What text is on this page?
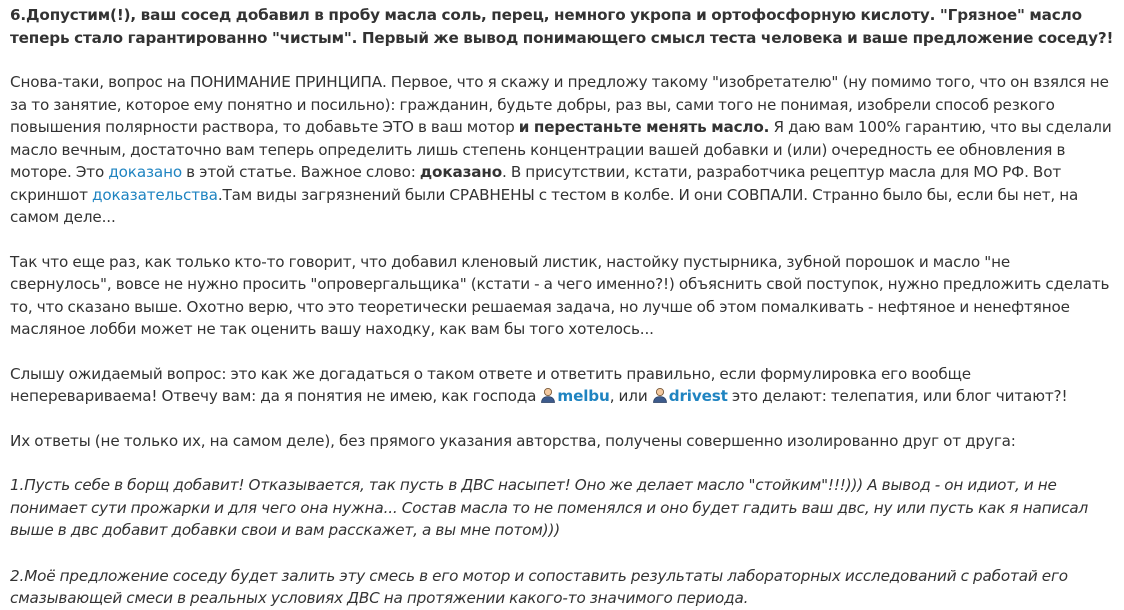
6.Допустим(!), ваш сосед добавил в пробу масла соль, перец, немного укропа и ортофосфорную кислоту. "Грязное" масло теперь стало гарантированно "чистым". Первый же вывод понимающего смысл теста человека и ваше предложение соседу?!

Снова-таки, вопрос на ПОНИМАНИЕ ПРИНЦИПА. Первое, что я скажу и предложу такому "изобретателю" (ну помимо того, что он взялся не за то занятие, которое ему понятно и посильно): гражданин, будьте добры, раз вы, сами того не понимая, изобрели способ резкого повышения полярности раствора, то добавьте ЭТО в ваш мотор и перестаньте менять масло. Я даю вам 100% гарантию, что вы сделали масло вечным, достаточно вам теперь определить лишь степень концентрации вашей добавки и (или) очередность ее обновления в моторе. Это доказано в этой статье. Важное слово: доказано. В присутствии, кстати, разработчика рецептур масла для МО РФ. Вот скриншот доказательства.Там виды загрязнений были СРАВНЕНЫ с тестом в колбе. И они СОВПАЛИ. Странно было бы, если бы нет, на самом деле...

Так что еще раз, как только кто-то говорит, что добавил кленовый листик, настойку пустырника, зубной порошок и масло "не свернулось", вовсе не нужно просить "опровергальщика" (кстати - а чего именно?!) объяснить свой поступок, нужно предложить сделать то, что сказано выше. Охотно верю, что это теоретически решаемая задача, но лучше об этом помалкивать - нефтяное и ненефтяное масляное лобби может не так оценить вашу находку, как вам бы того хотелось...

Слышу ожидаемый вопрос: это как же догадаться о таком ответе и ответить правильно, если формулировка его вообще неперевариваема! Отвечу вам: да я понятия не имею, как господа melbu, или drivest это делают: телепатия, или блог читают?!

Их ответы (не только их, на самом деле), без прямого указания авторства, получены совершенно изолированно друг от друга:

1.Пусть себе в борщ добавит! Отказывается, так пусть в ДВС насыпет! Оно же делает масло "стойким"!!!))) А вывод - он идиот, и не понимает сути прожарки и для чего она нужна... Состав масла то не поменялся и оно будет гадить ваш двс, ну или пусть как я написал выше в двс добавит добавки свои и вам расскажет, а вы мне потом)))

2.Моё предложение соседу будет залить эту смесь в его мотор и сопоставить результаты лабораторных исследований с работай его смазывающей смеси в реальных условиях ДВС на протяжении какого-то значимого периода.
